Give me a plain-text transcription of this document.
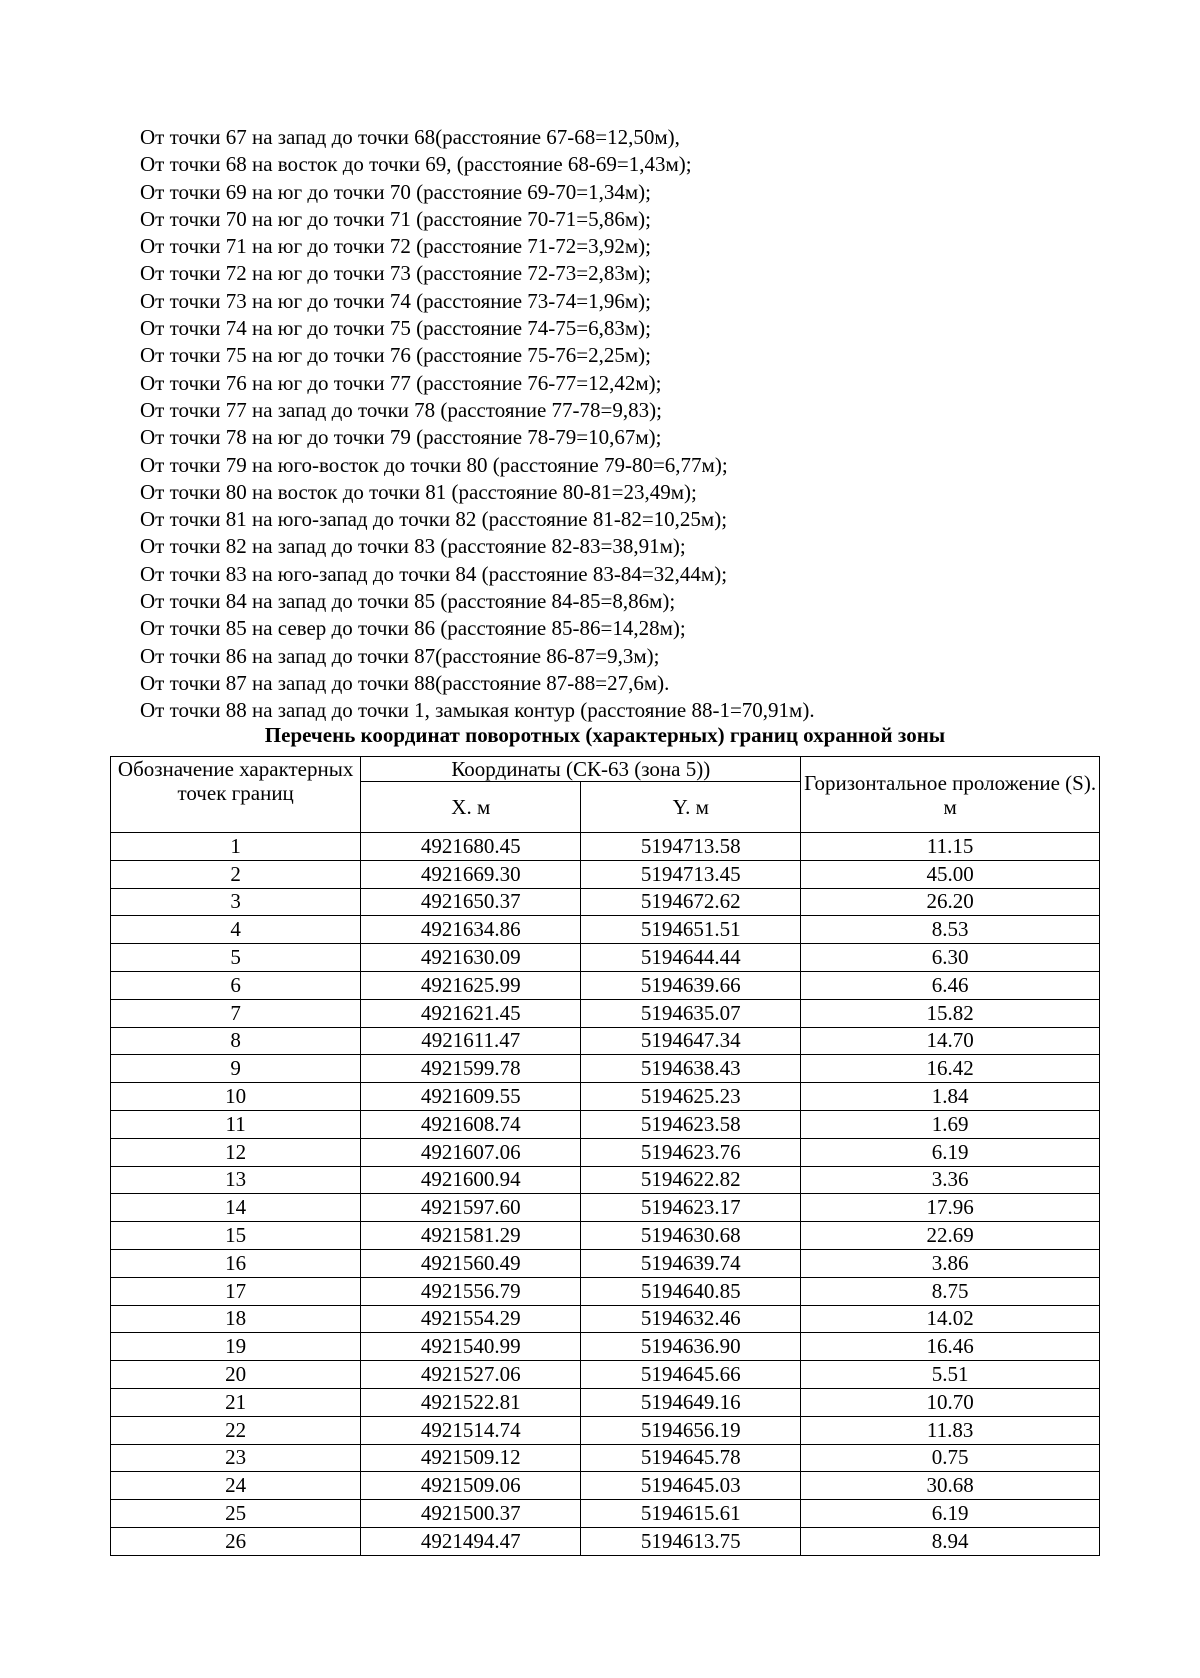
От точки 67 на запад до точки 68(расстояние 67-68=12,50м),
От точки 68 на восток до точки 69, (расстояние 68-69=1,43м);
От точки 69 на юг до точки 70 (расстояние 69-70=1,34м);
От точки 70 на юг до точки 71 (расстояние 70-71=5,86м);
От точки 71 на юг до точки 72 (расстояние 71-72=3,92м);
От точки 72 на юг до точки 73 (расстояние 72-73=2,83м);
От точки 73 на юг до точки 74 (расстояние 73-74=1,96м);
От точки 74 на юг до точки 75 (расстояние 74-75=6,83м);
От точки 75 на юг до точки 76 (расстояние 75-76=2,25м);
От точки 76 на юг до точки 77 (расстояние 76-77=12,42м);
От точки 77 на запад до точки 78 (расстояние 77-78=9,83);
От точки 78 на юг до точки 79 (расстояние 78-79=10,67м);
От точки 79 на юго-восток до точки 80 (расстояние 79-80=6,77м);
От точки 80 на восток до точки 81 (расстояние 80-81=23,49м);
От точки 81 на юго-запад до точки 82 (расстояние 81-82=10,25м);
От точки 82 на запад до точки 83 (расстояние 82-83=38,91м);
От точки 83 на юго-запад до точки 84 (расстояние 83-84=32,44м);
От точки 84 на запад до точки 85 (расстояние 84-85=8,86м);
От точки 85 на север до точки 86 (расстояние 85-86=14,28м);
От точки 86 на запад до точки 87(расстояние 86-87=9,3м);
От точки 87 на запад до точки 88(расстояние 87-88=27,6м).
От точки 88 на запад до точки 1, замыкая контур (расстояние 88-1=70,91м).
Перечень координат поворотных (характерных) границ охранной зоны
Обозначение характерных точек границ	Координаты (СК-63 (зона 5))		Горизонтальное проложение (S). м
	X. м	Y. м	
1	4921680.45	5194713.58	11.15
2	4921669.30	5194713.45	45.00
3	4921650.37	5194672.62	26.20
4	4921634.86	5194651.51	8.53
5	4921630.09	5194644.44	6.30
6	4921625.99	5194639.66	6.46
7	4921621.45	5194635.07	15.82
8	4921611.47	5194647.34	14.70
9	4921599.78	5194638.43	16.42
10	4921609.55	5194625.23	1.84
11	4921608.74	5194623.58	1.69
12	4921607.06	5194623.76	6.19
13	4921600.94	5194622.82	3.36
14	4921597.60	5194623.17	17.96
15	4921581.29	5194630.68	22.69
16	4921560.49	5194639.74	3.86
17	4921556.79	5194640.85	8.75
18	4921554.29	5194632.46	14.02
19	4921540.99	5194636.90	16.46
20	4921527.06	5194645.66	5.51
21	4921522.81	5194649.16	10.70
22	4921514.74	5194656.19	11.83
23	4921509.12	5194645.78	0.75
24	4921509.06	5194645.03	30.68
25	4921500.37	5194615.61	6.19
26	4921494.47	5194613.75	8.94
